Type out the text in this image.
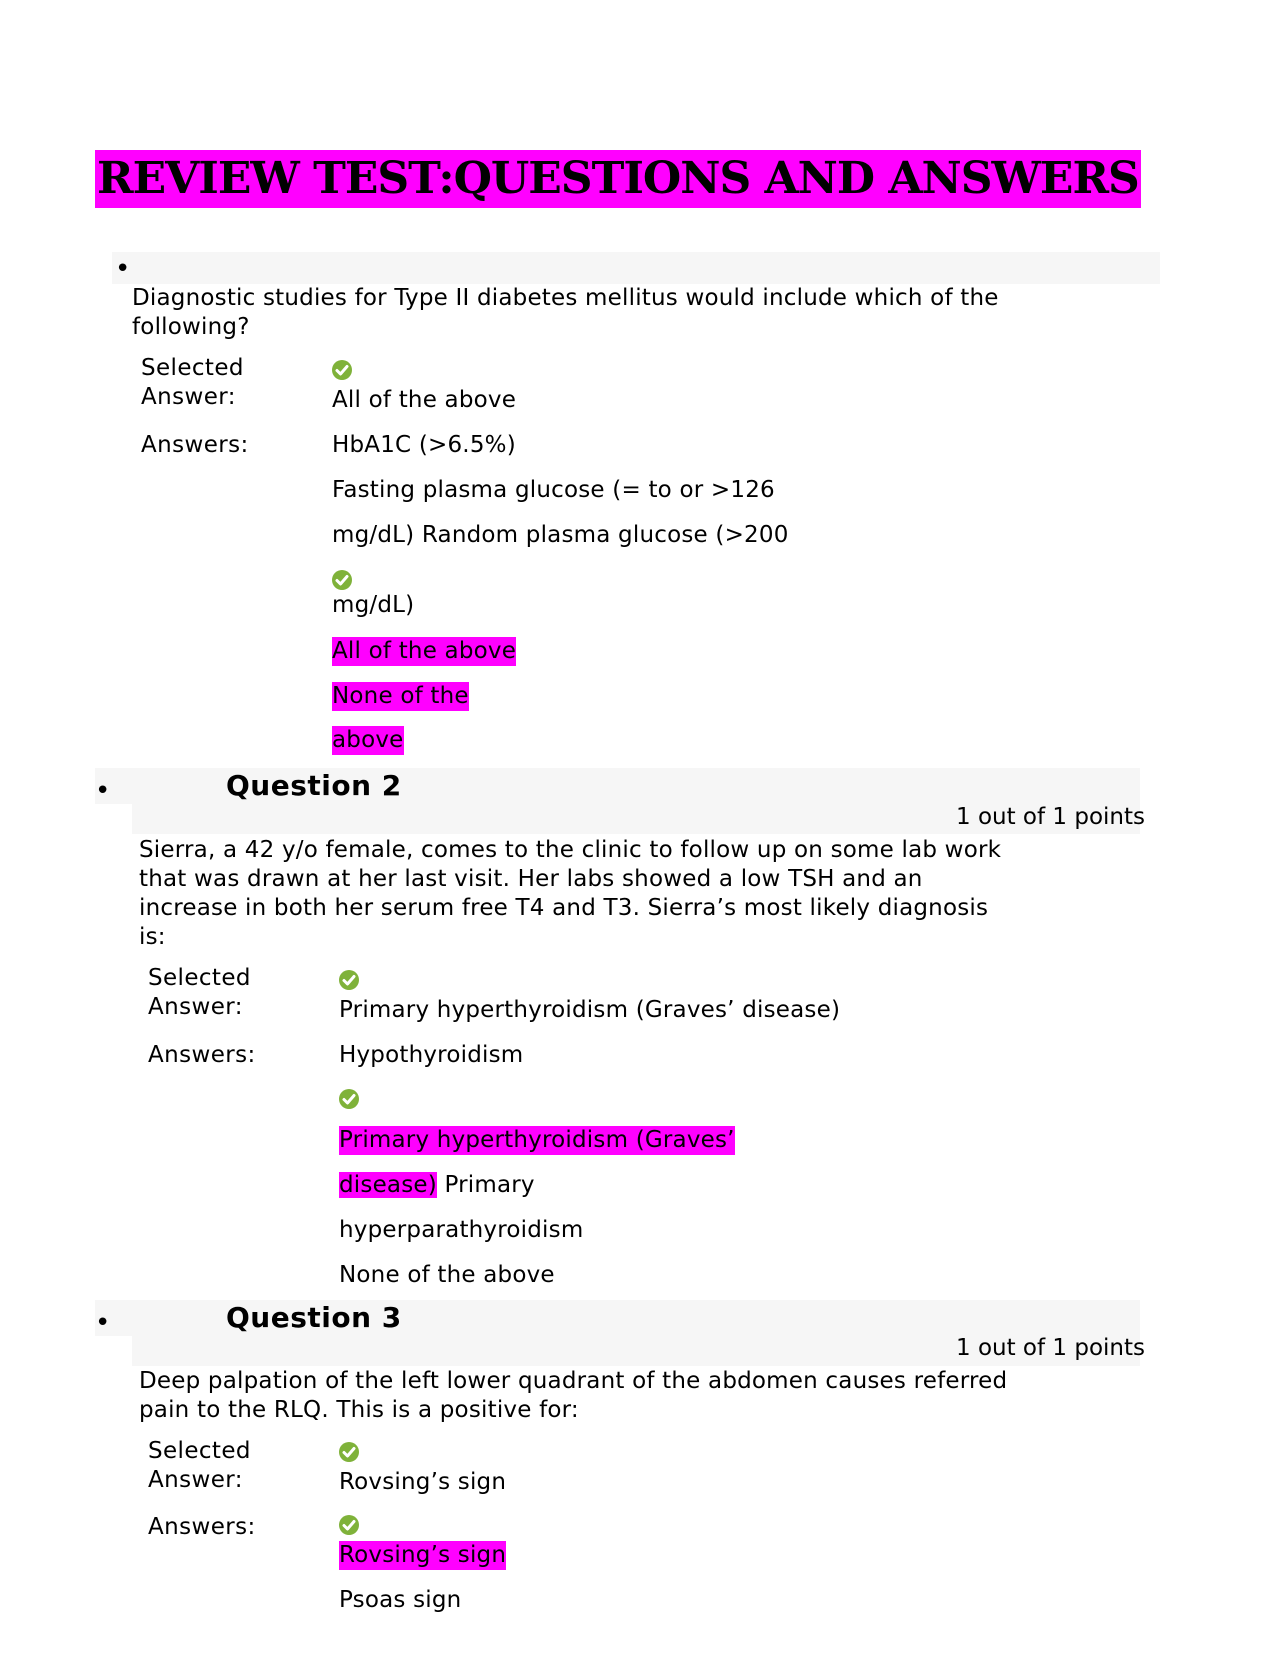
REVIEW TEST:QUESTIONS AND ANSWERS
•
Diagnostic studies for Type II diabetes mellitus would include which of the
following?
Selected
Answer:	All of the above
Answers:	HbA1C (>6.5%)
Fasting plasma glucose (= to or >126
mg/dL) Random plasma glucose (>200
mg/dL)
All of the above
None of the
above
•	Question 2
1 out of 1 points
Sierra, a 42 y/o female, comes to the clinic to follow up on some lab work
that was drawn at her last visit. Her labs showed a low TSH and an
increase in both her serum free T4 and T3. Sierra’s most likely diagnosis
is:
Selected
Answer:	Primary hyperthyroidism (Graves’ disease)
Answers:	Hypothyroidism
Primary hyperthyroidism (Graves’
disease) Primary
hyperparathyroidism
None of the above
•	Question 3
1 out of 1 points
Deep palpation of the left lower quadrant of the abdomen causes referred
pain to the RLQ. This is a positive for:
Selected
Answer:	Rovsing’s sign
Answers:
Rovsing’s sign
Psoas sign
